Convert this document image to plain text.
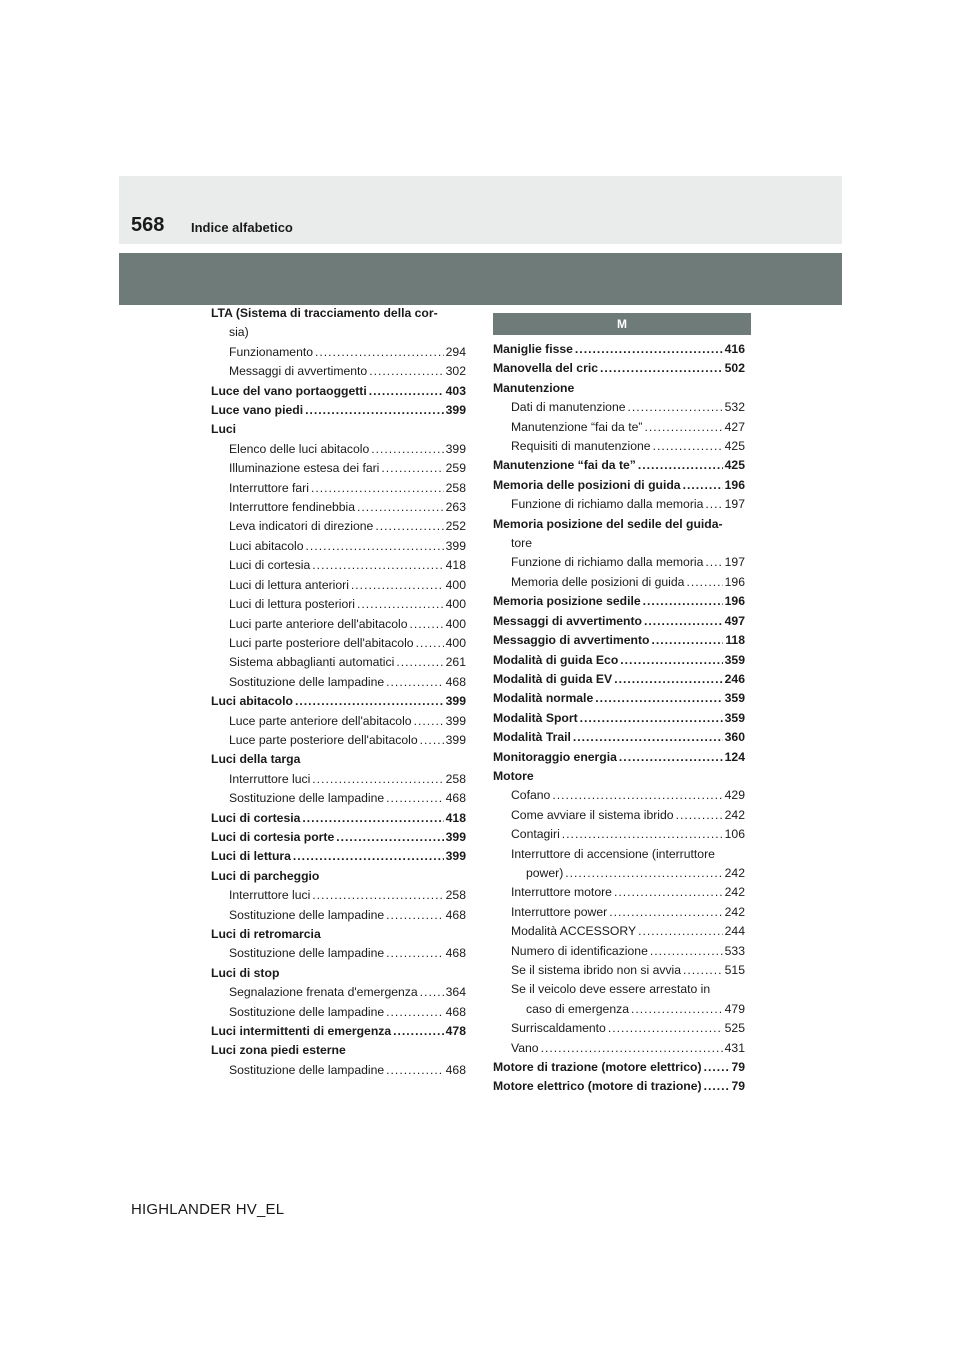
568 Indice alfabetico
LTA (Sistema di tracciamento della cor-
sia)
Funzionamento .....	294
Messaggi di avvertimento .....	302
Luce del vano portaoggetti .....	403
Luce vano piedi .....	399
Luci
Elenco delle luci abitacolo .....	399
Illuminazione estesa dei fari .....	259
Interruttore fari .....	258
Interruttore fendinebbia .....	263
Leva indicatori di direzione .....	252
Luci abitacolo .....	399
Luci di cortesia .....	418
Luci di lettura anteriori .....	400
Luci di lettura posteriori .....	400
Luci parte anteriore dell'abitacolo .....	400
Luci parte posteriore dell'abitacolo .....	400
Sistema abbaglianti automatici .....	261
Sostituzione delle lampadine .....	468
Luci abitacolo .....	399
Luce parte anteriore dell'abitacolo .....	399
Luce parte posteriore dell'abitacolo ..... 399
Luci della targa
Interruttore luci .....	258
Sostituzione delle lampadine .....	468
Luci di cortesia .....	418
Luci di cortesia porte .....	399
Luci di lettura .....	399
Luci di parcheggio
Interruttore luci .....	258
Sostituzione delle lampadine .....	468
Luci di retromarcia
Sostituzione delle lampadine .....	468
Luci di stop
Segnalazione frenata d'emergenza ..... 364
Sostituzione delle lampadine .....	468
Luci intermittenti di emergenza .....	478
Luci zona piedi esterne
Sostituzione delle lampadine .....	468
M
Maniglie fisse .....	416
Manovella del cric .....	502
Manutenzione
Dati di manutenzione .....	532
Manutenzione “fai da te” .....	427
Requisiti di manutenzione .....	425
Manutenzione “fai da te” .....	425
Memoria delle posizioni di guida .....	196
Funzione di richiamo dalla memoria ..... 197
Memoria posizione del sedile del guida-
tore
Funzione di richiamo dalla memoria ..... 197
Memoria delle posizioni di guida .....	196
Memoria posizione sedile .....	196
Messaggi di avvertimento .....	497
Messaggio di avvertimento .....	118
Modalità di guida Eco .....	359
Modalità di guida EV .....	246
Modalità normale .....	359
Modalità Sport .....	359
Modalità Trail .....	360
Monitoraggio energia .....	124
Motore
Cofano .....	429
Come avviare il sistema ibrido .....	242
Contagiri .....	106
Interruttore di accensione (interruttore
power) .....	242
Interruttore motore .....	242
Interruttore power .....	242
Modalità ACCESSORY .....	244
Numero di identificazione .....	533
Se il sistema ibrido non si avvia .....	515
Se il veicolo deve essere arrestato in
caso di emergenza .....	479
Surriscaldamento .....	525
Vano .....	431
Motore di trazione (motore elettrico) ..... 79
Motore elettrico (motore di trazione) ..... 79
HIGHLANDER HV_EL
